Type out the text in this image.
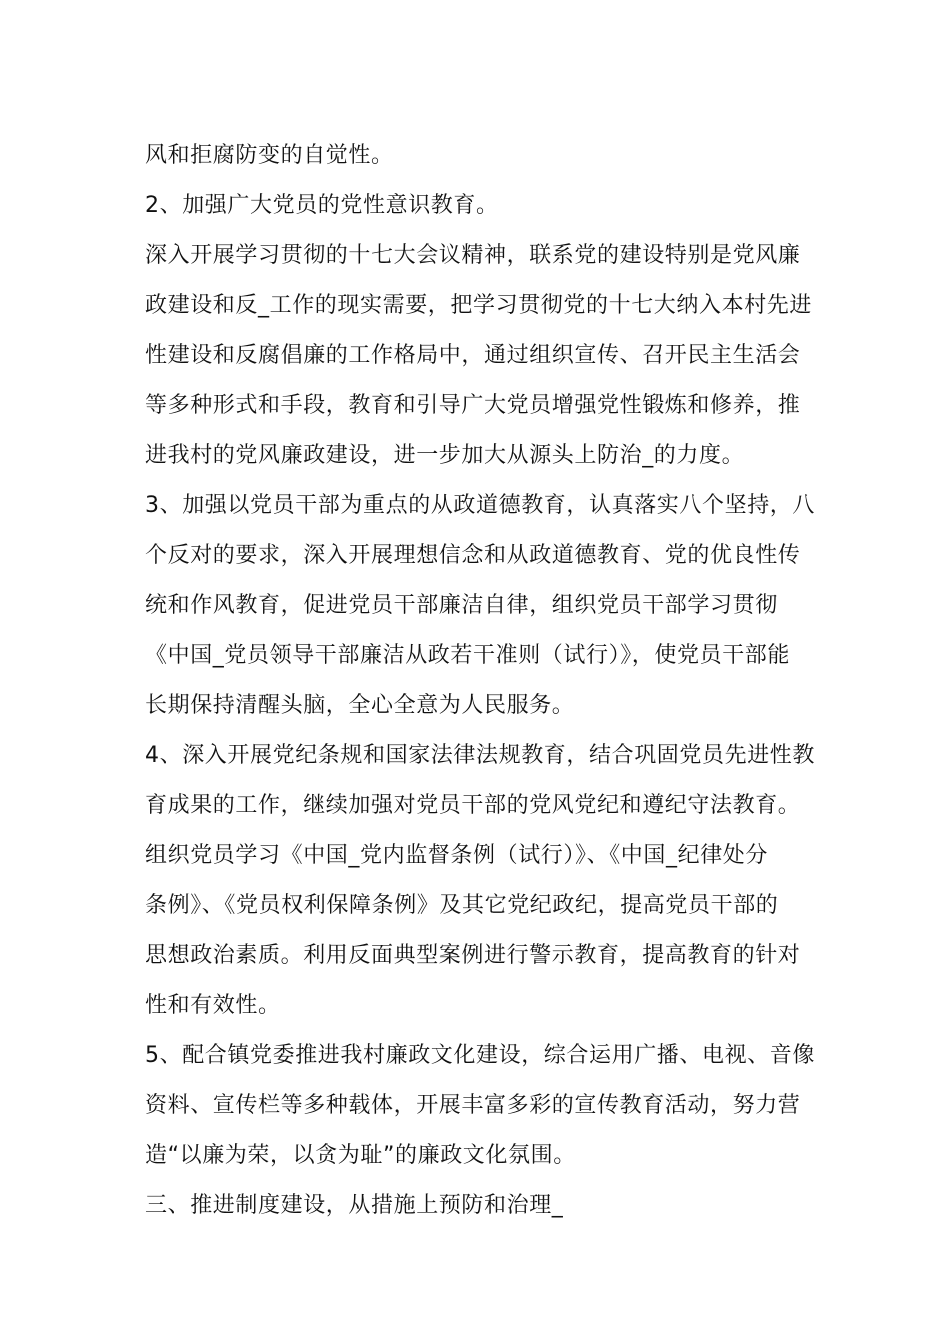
风和拒腐防变的自觉性。
2、加强广大党员的党性意识教育。
深入开展学习贯彻的十七大会议精神，联系党的建设特别是党风廉
政建设和反_工作的现实需要，把学习贯彻党的十七大纳入本村先进
性建设和反腐倡廉的工作格局中，通过组织宣传、召开民主生活会
等多种形式和手段，教育和引导广大党员增强党性锻炼和修养，推
进我村的党风廉政建设，进一步加大从源头上防治_的力度。
3、加强以党员干部为重点的从政道德教育，认真落实八个坚持，八
个反对的要求，深入开展理想信念和从政道德教育、党的优良性传
统和作风教育，促进党员干部廉洁自律，组织党员干部学习贯彻
《中国_党员领导干部廉洁从政若干准则（试行）》，使党员干部能
长期保持清醒头脑，全心全意为人民服务。
4、深入开展党纪条规和国家法律法规教育，结合巩固党员先进性教
育成果的工作，继续加强对党员干部的党风党纪和遵纪守法教育。
组织党员学习《中国_党内监督条例（试行）》、《中国_纪律处分
条例》、《党员权利保障条例》及其它党纪政纪，提高党员干部的
思想政治素质。利用反面典型案例进行警示教育，提高教育的针对
性和有效性。
5、配合镇党委推进我村廉政文化建设，综合运用广播、电视、音像
资料、宣传栏等多种载体，开展丰富多彩的宣传教育活动，努力营
造“以廉为荣，以贪为耻”的廉政文化氛围。
三、推进制度建设，从措施上预防和治理_
